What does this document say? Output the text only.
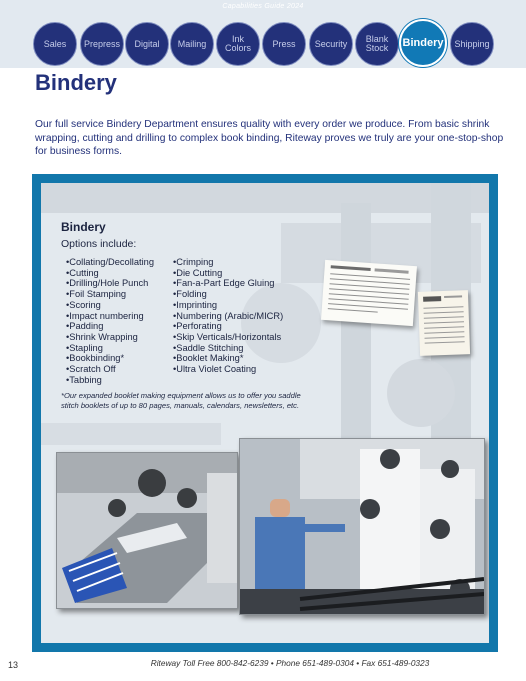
Capabilities Guide 2024
Sales Prepress Digital Mailing	Ink Colors	Press Security	Blank Stock	Bindery Shipping
Bindery

Our full service Bindery Department ensures quality with every order we produce. From basic shrink wrapping, cutting and drilling to complex book binding, Riteway proves we truly are your one-stop-shop for business forms.

Bindery
Options include:
• Collating/Decollating
• Cutting
• Drilling/Hole Punch
• Foil Stamping
• Scoring
• Impact numbering
• Padding
• Shrink Wrapping
• Stapling
• Bookbinding*
• Scratch Off
• Tabbing
• Crimping
• Die Cutting
• Fan-a-Part Edge Gluing
• Folding
• Imprinting
• Numbering (Arabic/MICR)
• Perforating
• Skip Verticals/Horizontals
• Saddle Stitching
• Booklet Making*
• Ultra Violet Coating

*Our expanded booklet making equipment allows us to offer you saddle stitch booklets of up to 80 pages, manuals, calendars, newsletters, etc.

13	Riteway Toll Free 800-842-6239 • Phone 651-489-0304 • Fax 651-489-0323
